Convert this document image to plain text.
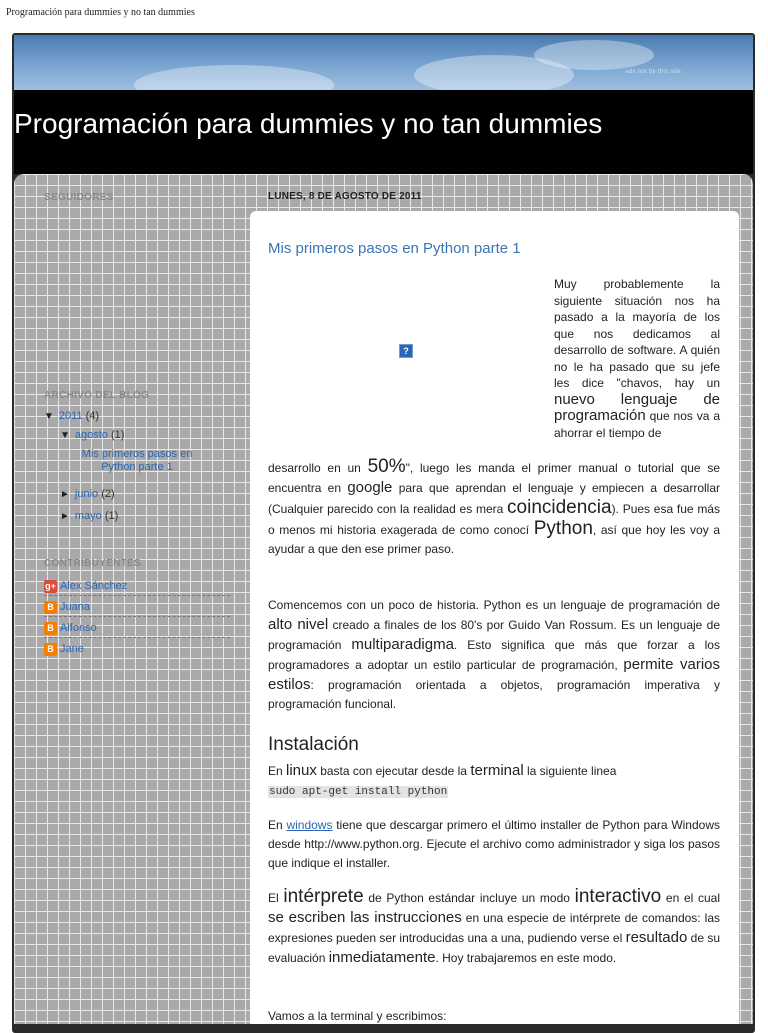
Programación para dummies y no tan dummies
ads not by this site
Programación para dummies y no tan dummies
SEGUIDORES
ARCHIVO DEL BLOG
▼ 2011 (4)
▼ agosto (1)
Mis primeros pasos en Python parte 1
► junio (2)
► mayo (1)
CONTRIBUYENTES
g+ Alex Sánchez
B Juana
B Alfonso
B Jane
LUNES, 8 DE AGOSTO DE 2011
Mis primeros pasos en Python parte 1
?
Muy probablemente la siguiente situación nos ha pasado a la mayoría de los que nos dedicamos al desarrollo de software. A quién no le ha pasado que su jefe les dice "chavos, hay un nuevo lenguaje de programación que nos va a ahorrar el tiempo de
desarrollo en un 50%", luego les manda el primer manual o tutorial que se encuentra en google para que aprendan el lenguaje y empiecen a desarrollar (Cualquier parecido con la realidad es mera coincidencia). Pues esa fue más o menos mi historia exagerada de como conocí Python, así que hoy les voy a ayudar a que den ese primer paso.
Comencemos con un poco de historia. Python es un lenguaje de programación de alto nivel creado a finales de los 80's por Guido Van Rossum. Es un lenguaje de programación multiparadigma. Esto significa que más que forzar a los programadores a adoptar un estilo particular de programación, permite varios estilos: programación orientada a objetos, programación imperativa y programación funcional.
Instalación
En linux basta con ejecutar desde la terminal la siguiente linea
sudo apt-get install python
En windows tiene que descargar primero el último installer de Python para Windows desde http://www.python.org. Ejecute el archivo como administrador y siga los pasos que indique el installer.
El intérprete de Python estándar incluye un modo interactivo en el cual se escriben las instrucciones en una especie de intérprete de comandos: las expresiones pueden ser introducidas una a una, pudiendo verse el resultado de su evaluación inmediatamente. Hoy trabajaremos en este modo.
Vamos a la terminal y escribimos:
